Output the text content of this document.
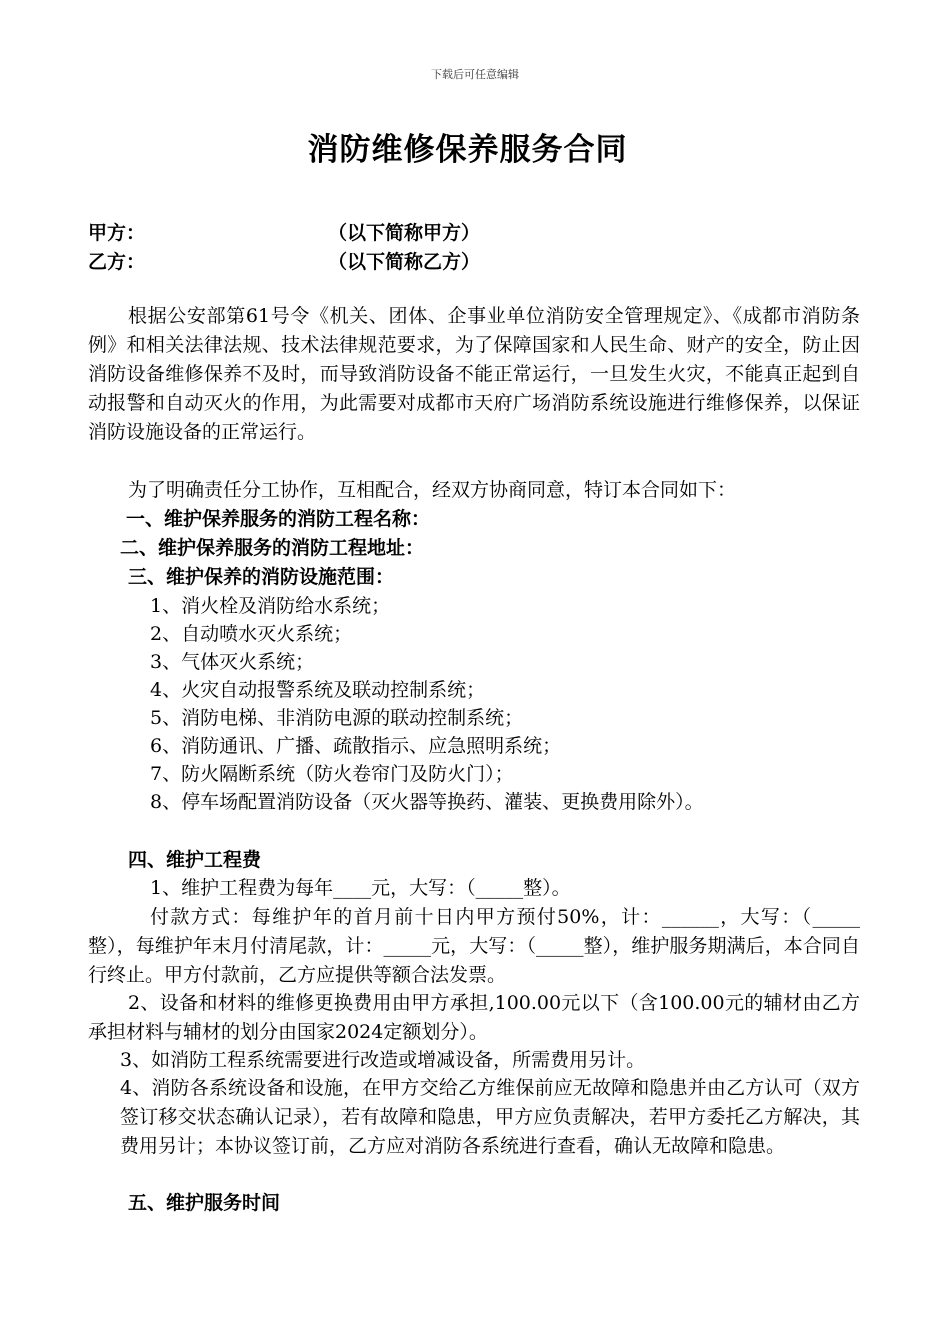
下载后可任意编辑
消防维修保养服务合同
甲方：	（以下简称甲方）
乙方：	（以下简称乙方）
根据公安部第61号令《机关、团体、企事业单位消防安全管理规定》、《成都市消防条例》和相关法律法规、技术法律规范要求，为了保障国家和人民生命、财产的安全，防止因消防设备维修保养不及时，而导致消防设备不能正常运行，一旦发生火灾，不能真正起到自动报警和自动灭火的作用，为此需要对成都市天府广场消防系统设施进行维修保养，以保证消防设施设备的正常运行。
为了明确责任分工协作，互相配合，经双方协商同意，特订本合同如下：
一、维护保养服务的消防工程名称：
二、维护保养服务的消防工程地址：
三、维护保养的消防设施范围：
1、消火栓及消防给水系统；
2、自动喷水灭火系统；
3、气体灭火系统；
4、火灾自动报警系统及联动控制系统；
5、消防电梯、非消防电源的联动控制系统；
6、消防通讯、广播、疏散指示、应急照明系统；
7、防火隔断系统（防火卷帘门及防火门）；
8、停车场配置消防设备（灭火器等换药、灌装、更换费用除外）。
四、维护工程费
1、维护工程费为每年____元，大写：（_____整）。
付款方式：每维护年的首月前十日内甲方预付50%，计：______，大写：（_____整），每维护年末月付清尾款，计：_____元，大写：（_____整），维护服务期满后，本合同自行终止。甲方付款前，乙方应提供等额合法发票。
2、设备和材料的维修更换费用由甲方承担,100.00元以下（含100.00元的辅材由乙方承担材料与辅材的划分由国家2024定额划分）。
3、如消防工程系统需要进行改造或增减设备，所需费用另计。
4、消防各系统设备和设施，在甲方交给乙方维保前应无故障和隐患并由乙方认可（双方签订移交状态确认记录），若有故障和隐患，甲方应负责解决，若甲方委托乙方解决，其费用另计；本协议签订前，乙方应对消防各系统进行查看，确认无故障和隐患。
五、维护服务时间
